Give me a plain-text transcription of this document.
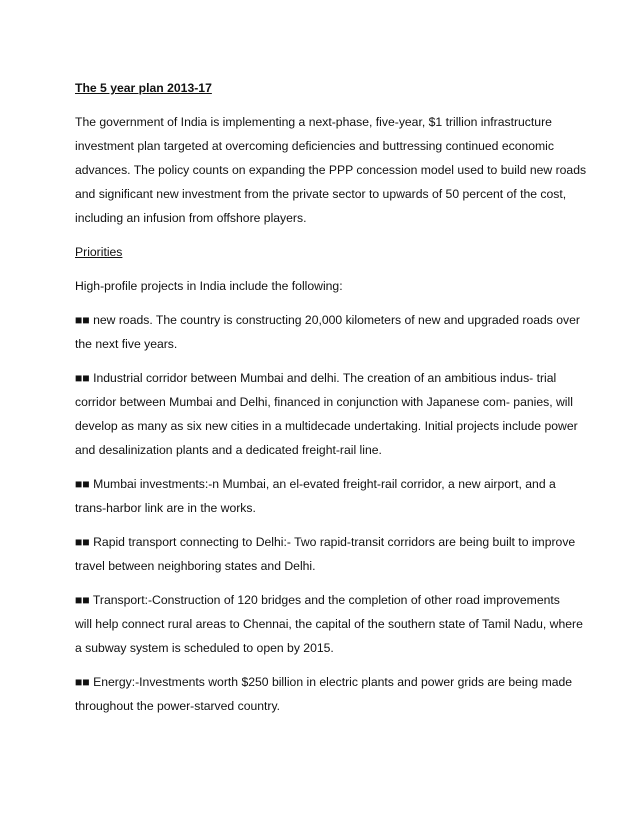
The 5 year plan 2013-17

The government of India is implementing a next-phase, five-year, $1 trillion infrastructure
investment plan targeted at overcoming deficiencies and buttressing continued economic
advances. The policy counts on expanding the PPP concession model used to build new roads
and significant new investment from the private sector to upwards of 50 percent of the cost,
including an infusion from offshore players.

Priorities

High-profile projects in India include the following:

■■ new roads. The country is constructing 20,000 kilometers of new and upgraded roads over
the next five years.
■■ Industrial corridor between Mumbai and delhi. The creation of an ambitious indus- trial
corridor between Mumbai and Delhi, financed in conjunction with Japanese com- panies, will
develop as many as six new cities in a multidecade undertaking. Initial projects include power
and desalinization plants and a dedicated freight-rail line.
■■ Mumbai investments:-n Mumbai, an el-evated freight-rail corridor, a new airport, and a
trans-harbor link are in the works.
■■ Rapid transport connecting to Delhi:- Two rapid-transit corridors are being built to improve
travel between neighboring states and Delhi.
■■ Transport:-Construction of 120 bridges and the completion of other road improvements
will help connect rural areas to Chennai, the capital of the southern state of Tamil Nadu, where
a subway system is scheduled to open by 2015.
■■ Energy:-Investments worth $250 billion in electric plants and power grids are being made
throughout the power-starved country.
